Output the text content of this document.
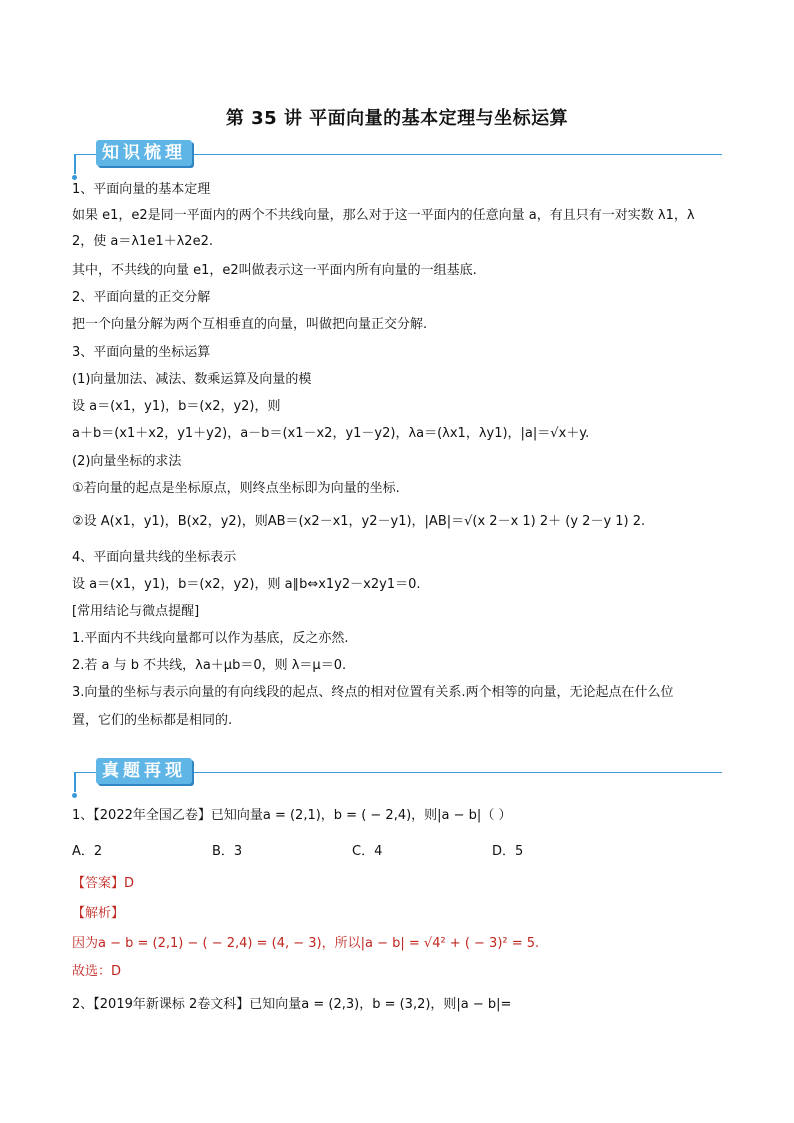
第 35 讲 平面向量的基本定理与坐标运算
知识梳理
1、平面向量的基本定理
如果 e1，e2是同一平面内的两个不共线向量，那么对于这一平面内的任意向量 a，有且只有一对实数 λ1，λ
2，使 a＝λ1e1＋λ2e2.
其中，不共线的向量 e1，e2叫做表示这一平面内所有向量的一组基底.
2、平面向量的正交分解
把一个向量分解为两个互相垂直的向量，叫做把向量正交分解.
3、平面向量的坐标运算
(1)向量加法、减法、数乘运算及向量的模
设 a＝(x1，y1)，b＝(x2，y2)，则
a＋b＝(x1＋x2，y1＋y2)，a－b＝(x1－x2，y1－y2)，λa＝(λx1，λy1)，|a|＝√x＋y.
(2)向量坐标的求法
①若向量的起点是坐标原点，则终点坐标即为向量的坐标.
②设 A(x1，y1)，B(x2，y2)，则AB＝(x2－x1，y2－y1)，|AB|＝√(x 2－x 1) 2＋ (y 2－y 1) 2.
4、平面向量共线的坐标表示
设 a＝(x1，y1)，b＝(x2，y2)，则 a∥b⇔x1y2－x2y1＝0.
[常用结论与微点提醒]
1.平面内不共线向量都可以作为基底，反之亦然.
2.若 a 与 b 不共线，λa＋μb＝0，则 λ＝μ＝0.
3.向量的坐标与表示向量的有向线段的起点、终点的相对位置有关系.两个相等的向量，无论起点在什么位
置，它们的坐标都是相同的.
真题再现
1、【2022年全国乙卷】已知向量a = (2,1)，b = ( − 2,4)，则|a − b|（ ）
A．2	B．3	C．4	D．5
【答案】D
【解析】
因为a − b = (2,1) − ( − 2,4) = (4, − 3)，所以|a − b| = √4² + ( − 3)² = 5.
故选：D
2、【2019年新课标 2卷文科】已知向量a = (2,3)，b = (3,2)，则|a − b|=
